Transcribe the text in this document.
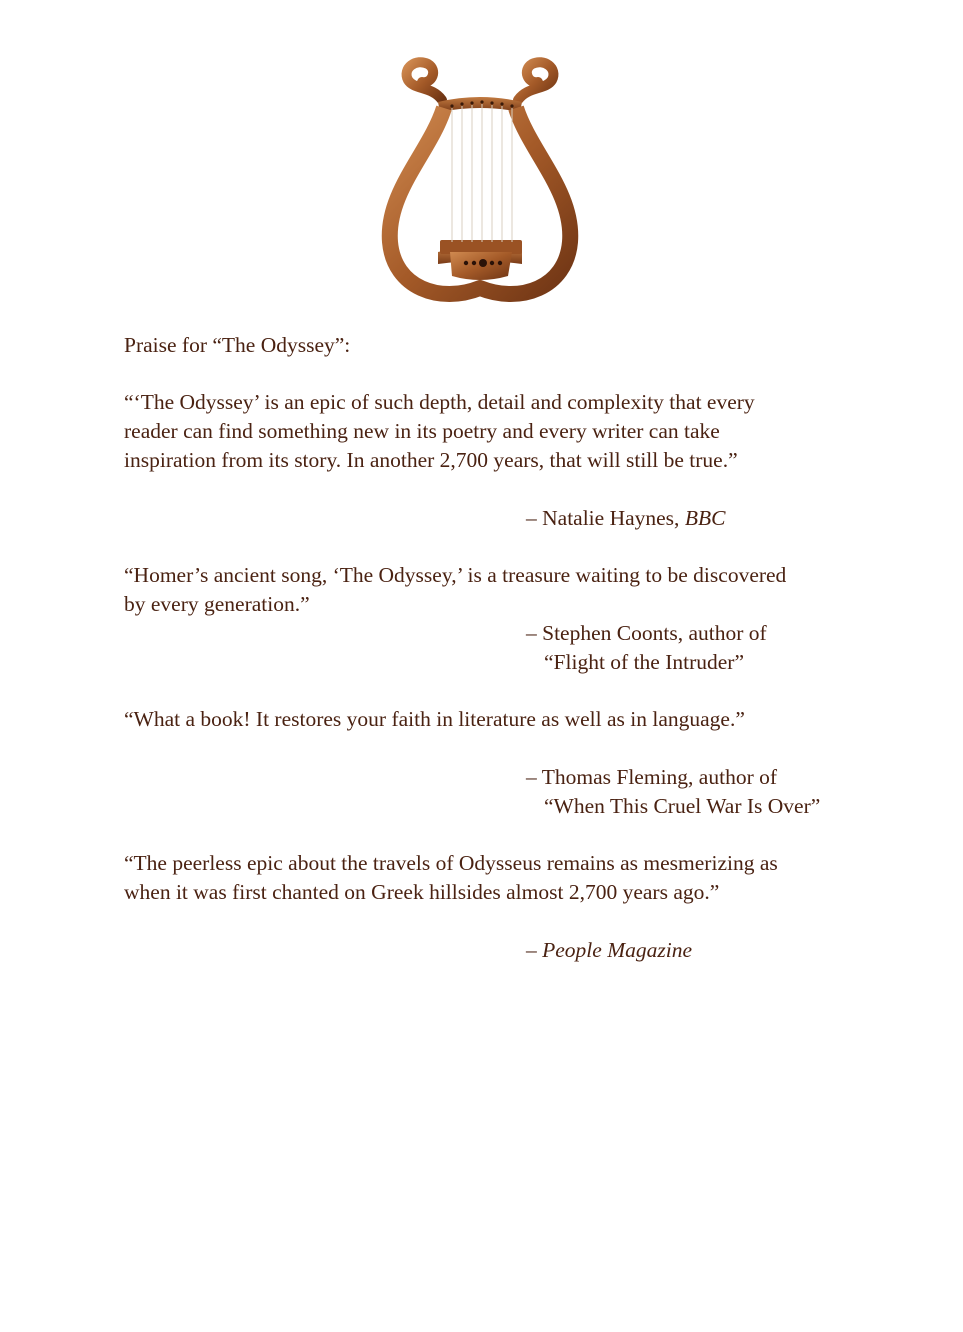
Praise for “The Odyssey”:
“‘The Odyssey’ is an epic of such depth, detail and complexity that every
reader can find something new in its poetry and every writer can take
inspiration from its story. In another 2,700 years, that will still be true.”
– Natalie Haynes, BBC
“Homer’s ancient song, ‘The Odyssey,’ is a treasure waiting to be discovered
by every generation.”
– Stephen Coonts, author of
“Flight of the Intruder”
“What a book! It restores your faith in literature as well as in language.”
– Thomas Fleming, author of
“When This Cruel War Is Over”
“The peerless epic about the travels of Odysseus remains as mesmerizing as
when it was first chanted on Greek hillsides almost 2,700 years ago.”
– People Magazine
